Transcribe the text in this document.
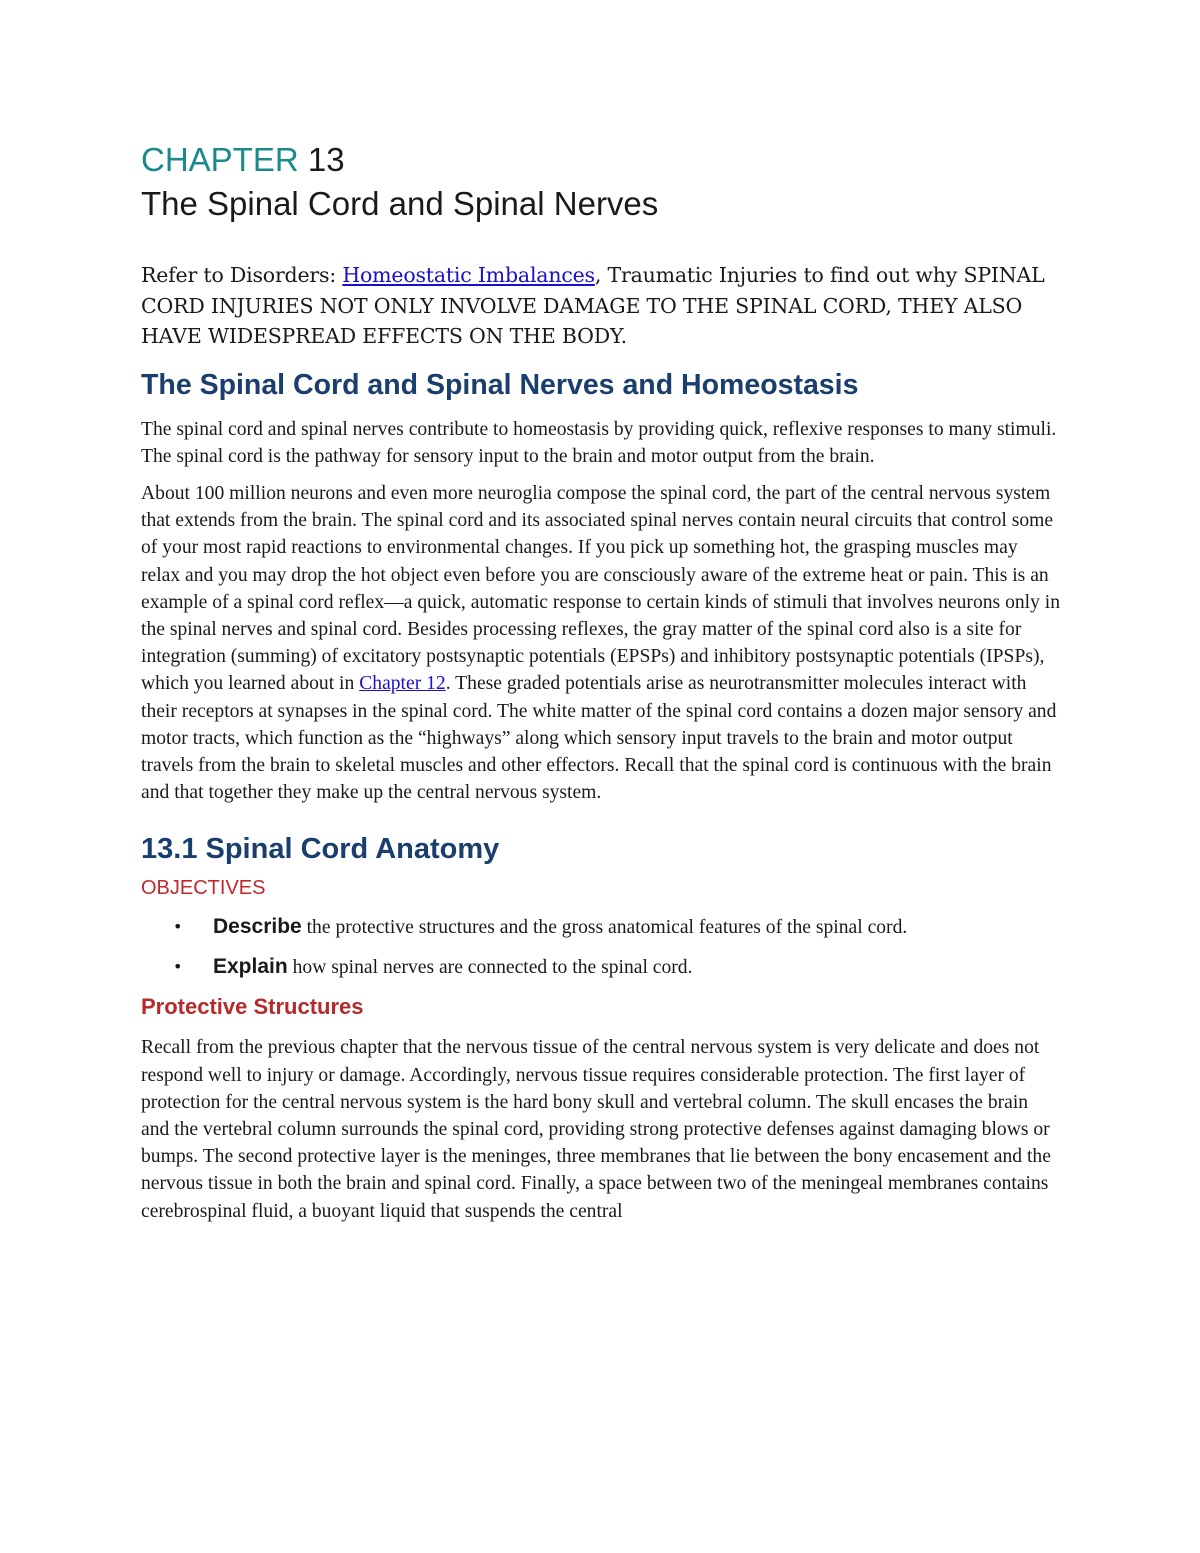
CHAPTER 13
The Spinal Cord and Spinal Nerves

Refer to Disorders: Homeostatic Imbalances, Traumatic Injuries to find out why SPINAL CORD INJURIES NOT ONLY INVOLVE DAMAGE TO THE SPINAL CORD, THEY ALSO HAVE WIDESPREAD EFFECTS ON THE BODY.

The Spinal Cord and Spinal Nerves and Homeostasis

The spinal cord and spinal nerves contribute to homeostasis by providing quick, reflexive responses to many stimuli. The spinal cord is the pathway for sensory input to the brain and motor output from the brain.

About 100 million neurons and even more neuroglia compose the spinal cord, the part of the central nervous system that extends from the brain. The spinal cord and its associated spinal nerves contain neural circuits that control some of your most rapid reactions to environmental changes. If you pick up something hot, the grasping muscles may relax and you may drop the hot object even before you are consciously aware of the extreme heat or pain. This is an example of a spinal cord reflex—a quick, automatic response to certain kinds of stimuli that involves neurons only in the spinal nerves and spinal cord. Besides processing reflexes, the gray matter of the spinal cord also is a site for integration (summing) of excitatory postsynaptic potentials (EPSPs) and inhibitory postsynaptic potentials (IPSPs), which you learned about in Chapter 12. These graded potentials arise as neurotransmitter molecules interact with their receptors at synapses in the spinal cord. The white matter of the spinal cord contains a dozen major sensory and motor tracts, which function as the “highways” along which sensory input travels to the brain and motor output travels from the brain to skeletal muscles and other effectors. Recall that the spinal cord is continuous with the brain and that together they make up the central nervous system.

13.1 Spinal Cord Anatomy
OBJECTIVES
• Describe the protective structures and the gross anatomical features of the spinal cord.
• Explain how spinal nerves are connected to the spinal cord.
Protective Structures

Recall from the previous chapter that the nervous tissue of the central nervous system is very delicate and does not respond well to injury or damage. Accordingly, nervous tissue requires considerable protection. The first layer of protection for the central nervous system is the hard bony skull and vertebral column. The skull encases the brain and the vertebral column surrounds the spinal cord, providing strong protective defenses against damaging blows or bumps. The second protective layer is the meninges, three membranes that lie between the bony encasement and the nervous tissue in both the brain and spinal cord. Finally, a space between two of the meningeal membranes contains cerebrospinal fluid, a buoyant liquid that suspends the central
